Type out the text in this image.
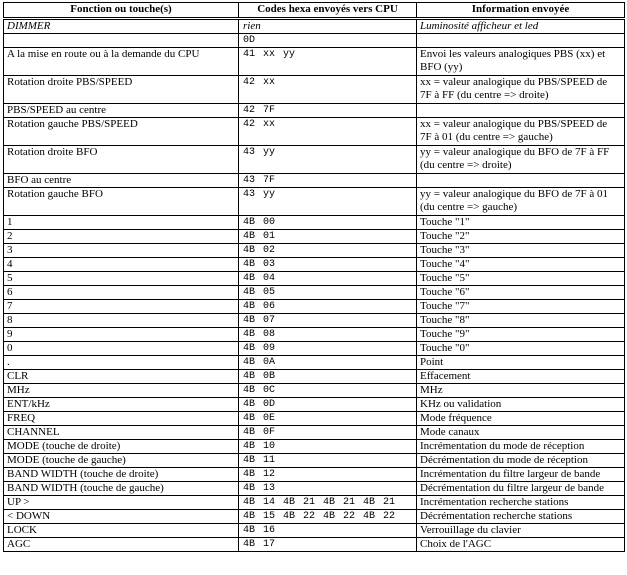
Fonction ou touche(s)	Codes hexa envoyés vers CPU	Information envoyée
DIMMER	rien	Luminosité afficheur et led
	0D	
A la mise en route ou à la demande du CPU	41 xx yy	Envoi les valeurs analogiques PBS (xx) et BFO (yy)
Rotation droite PBS/SPEED	42 xx	xx = valeur analogique du PBS/SPEED de 7F à FF (du centre => droite)
PBS/SPEED au centre	42 7F	
Rotation gauche PBS/SPEED	42 xx	xx = valeur analogique du PBS/SPEED de 7F à 01 (du centre => gauche)
Rotation droite BFO	43 yy	yy = valeur analogique du BFO de 7F à FF (du centre => droite)
BFO au centre	43 7F	
Rotation gauche BFO	43 yy	yy = valeur analogique du BFO de 7F à 01 (du centre => gauche)
1	4B 00	Touche "1"
2	4B 01	Touche "2"
3	4B 02	Touche "3"
4	4B 03	Touche "4"
5	4B 04	Touche "5"
6	4B 05	Touche "6"
7	4B 06	Touche "7"
8	4B 07	Touche "8"
9	4B 08	Touche "9"
0	4B 09	Touche "0"
.	4B 0A	Point
CLR	4B 0B	Effacement
MHz	4B 0C	MHz
ENT/kHz	4B 0D	KHz ou validation
FREQ	4B 0E	Mode fréquence
CHANNEL	4B 0F	Mode canaux
MODE (touche de droite)	4B 10	Incrémentation du mode de réception
MODE (touche de gauche)	4B 11	Décrémentation du mode de réception
BAND WIDTH (touche de droite)	4B 12	Incrémentation du filtre largeur de bande
BAND WIDTH (touche de gauche)	4B 13	Décrémentation du filtre largeur de bande
UP >	4B 14 4B 21 4B 21 4B 21	Incrémentation recherche stations
< DOWN	4B 15 4B 22 4B 22 4B 22	Décrémentation recherche stations
LOCK	4B 16	Verrouillage du clavier
AGC	4B 17	Choix de l'AGC
